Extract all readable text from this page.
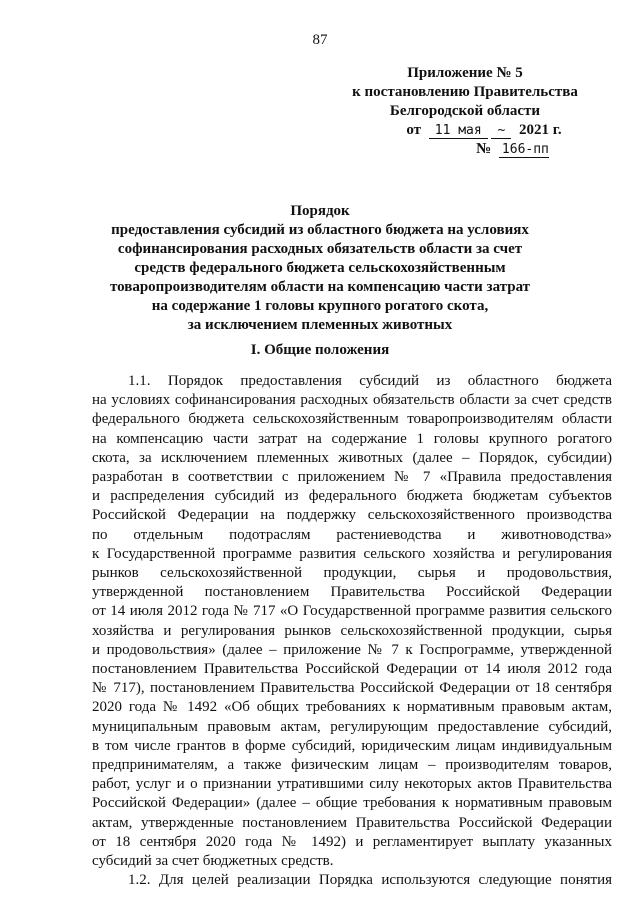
87
Приложение № 5
к постановлению Правительства
Белгородской области
от 11 мая ~ 2021 г.
№ 166-пп
Порядок
предоставления субсидий из областного бюджета на условиях
софинансирования расходных обязательств области за счет
средств федерального бюджета сельскохозяйственным
товаропроизводителям области на компенсацию части затрат
на содержание 1 головы крупного рогатого скота,
за исключением племенных животных
I. Общие положения
1.1. Порядок предоставления субсидий из областного бюджета
на условиях софинансирования расходных обязательств области за счет средств
федерального бюджета сельскохозяйственным товаропроизводителям области
на компенсацию части затрат на содержание 1 головы крупного рогатого
скота, за исключением племенных животных (далее – Порядок, субсидии)
разработан в соответствии с приложением № 7 «Правила предоставления
и распределения субсидий из федерального бюджета бюджетам субъектов
Российской Федерации на поддержку сельскохозяйственного производства
по отдельным подотраслям растениеводства и животноводства»
к Государственной программе развития сельского хозяйства и регулирования
рынков сельскохозяйственной продукции, сырья и продовольствия,
утвержденной постановлением Правительства Российской Федерации
от 14 июля 2012 года № 717 «О Государственной программе развития сельского
хозяйства и регулирования рынков сельскохозяйственной продукции, сырья
и продовольствия» (далее – приложение № 7 к Госпрограмме, утвержденной
постановлением Правительства Российской Федерации от 14 июля 2012 года
№ 717), постановлением Правительства Российской Федерации от 18 сентября
2020 года № 1492 «Об общих требованиях к нормативным правовым актам,
муниципальным правовым актам, регулирующим предоставление субсидий,
в том числе грантов в форме субсидий, юридическим лицам индивидуальным
предпринимателям, а также физическим лицам – производителям товаров,
работ, услуг и о признании утратившими силу некоторых актов Правительства
Российской Федерации» (далее – общие требования к нормативным правовым
актам, утвержденные постановлением Правительства Российской Федерации
от 18 сентября 2020 года № 1492) и регламентирует выплату указанных
субсидий за счет бюджетных средств.
1.2. Для целей реализации Порядка используются следующие понятия
